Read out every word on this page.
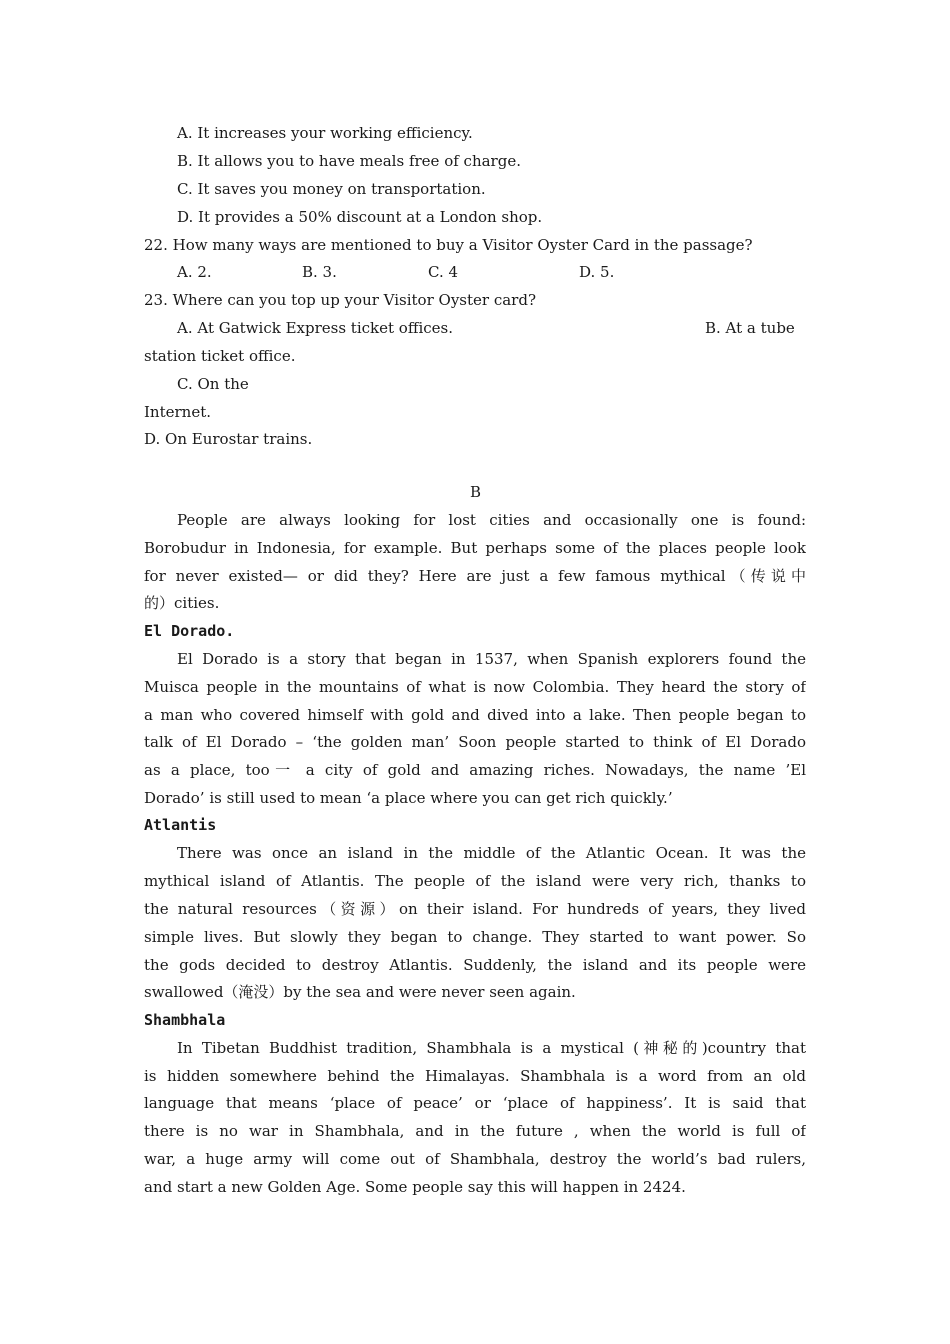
A. It increases your working efficiency.
B. It allows you to have meals free of charge.
C. It saves you money on transportation.
D. It provides a 50% discount at a London shop.
22. How many ways are mentioned to buy a Visitor Oyster Card in the passage?
A. 2.	B. 3.	C. 4	D. 5.
23. Where can you top up your Visitor Oyster card?
A. At Gatwick Express ticket offices.	B. At a tube
station ticket office.
C. On the
Internet.
D. On Eurostar trains.
B
People are always looking for lost cities and occasionally one is found:
Borobudur in Indonesia, for example. But perhaps some of the places people look
for never existed— or did they? Here are just a few famous mythical（传说中
的）cities.
El Dorado.
El Dorado is a story that began in 1537, when Spanish explorers found the
Muisca people in the mountains of what is now Colombia. They heard the story of
a man who covered himself with gold and dived into a lake. Then people began to
talk of El Dorado – ‘the golden man’ Soon people started to think of El Dorado
as a place, too一 a city of gold and amazing riches. Nowadays, the name ’El
Dorado’ is still used to mean ‘a place where you can get rich quickly.’
Atlantis
There was once an island in the middle of the Atlantic Ocean. It was the
mythical island of Atlantis. The people of the island were very rich, thanks to
the natural resources（资源）on their island. For hundreds of years, they lived
simple lives. But slowly they began to change. They started to want power. So
the gods decided to destroy Atlantis. Suddenly, the island and its people were
swallowed（淹没）by the sea and were never seen again.
Shambhala
In Tibetan Buddhist tradition, Shambhala is a mystical (神秘的)country that
is hidden somewhere behind the Himalayas. Shambhala is a word from an old
language that means ‘place of peace’ or ‘place of happiness’. It is said that
there is no war in Shambhala, and in the future , when the world is full of
war, a huge army will come out of Shambhala, destroy the world’s bad rulers,
and start a new Golden Age. Some people say this will happen in 2424.
